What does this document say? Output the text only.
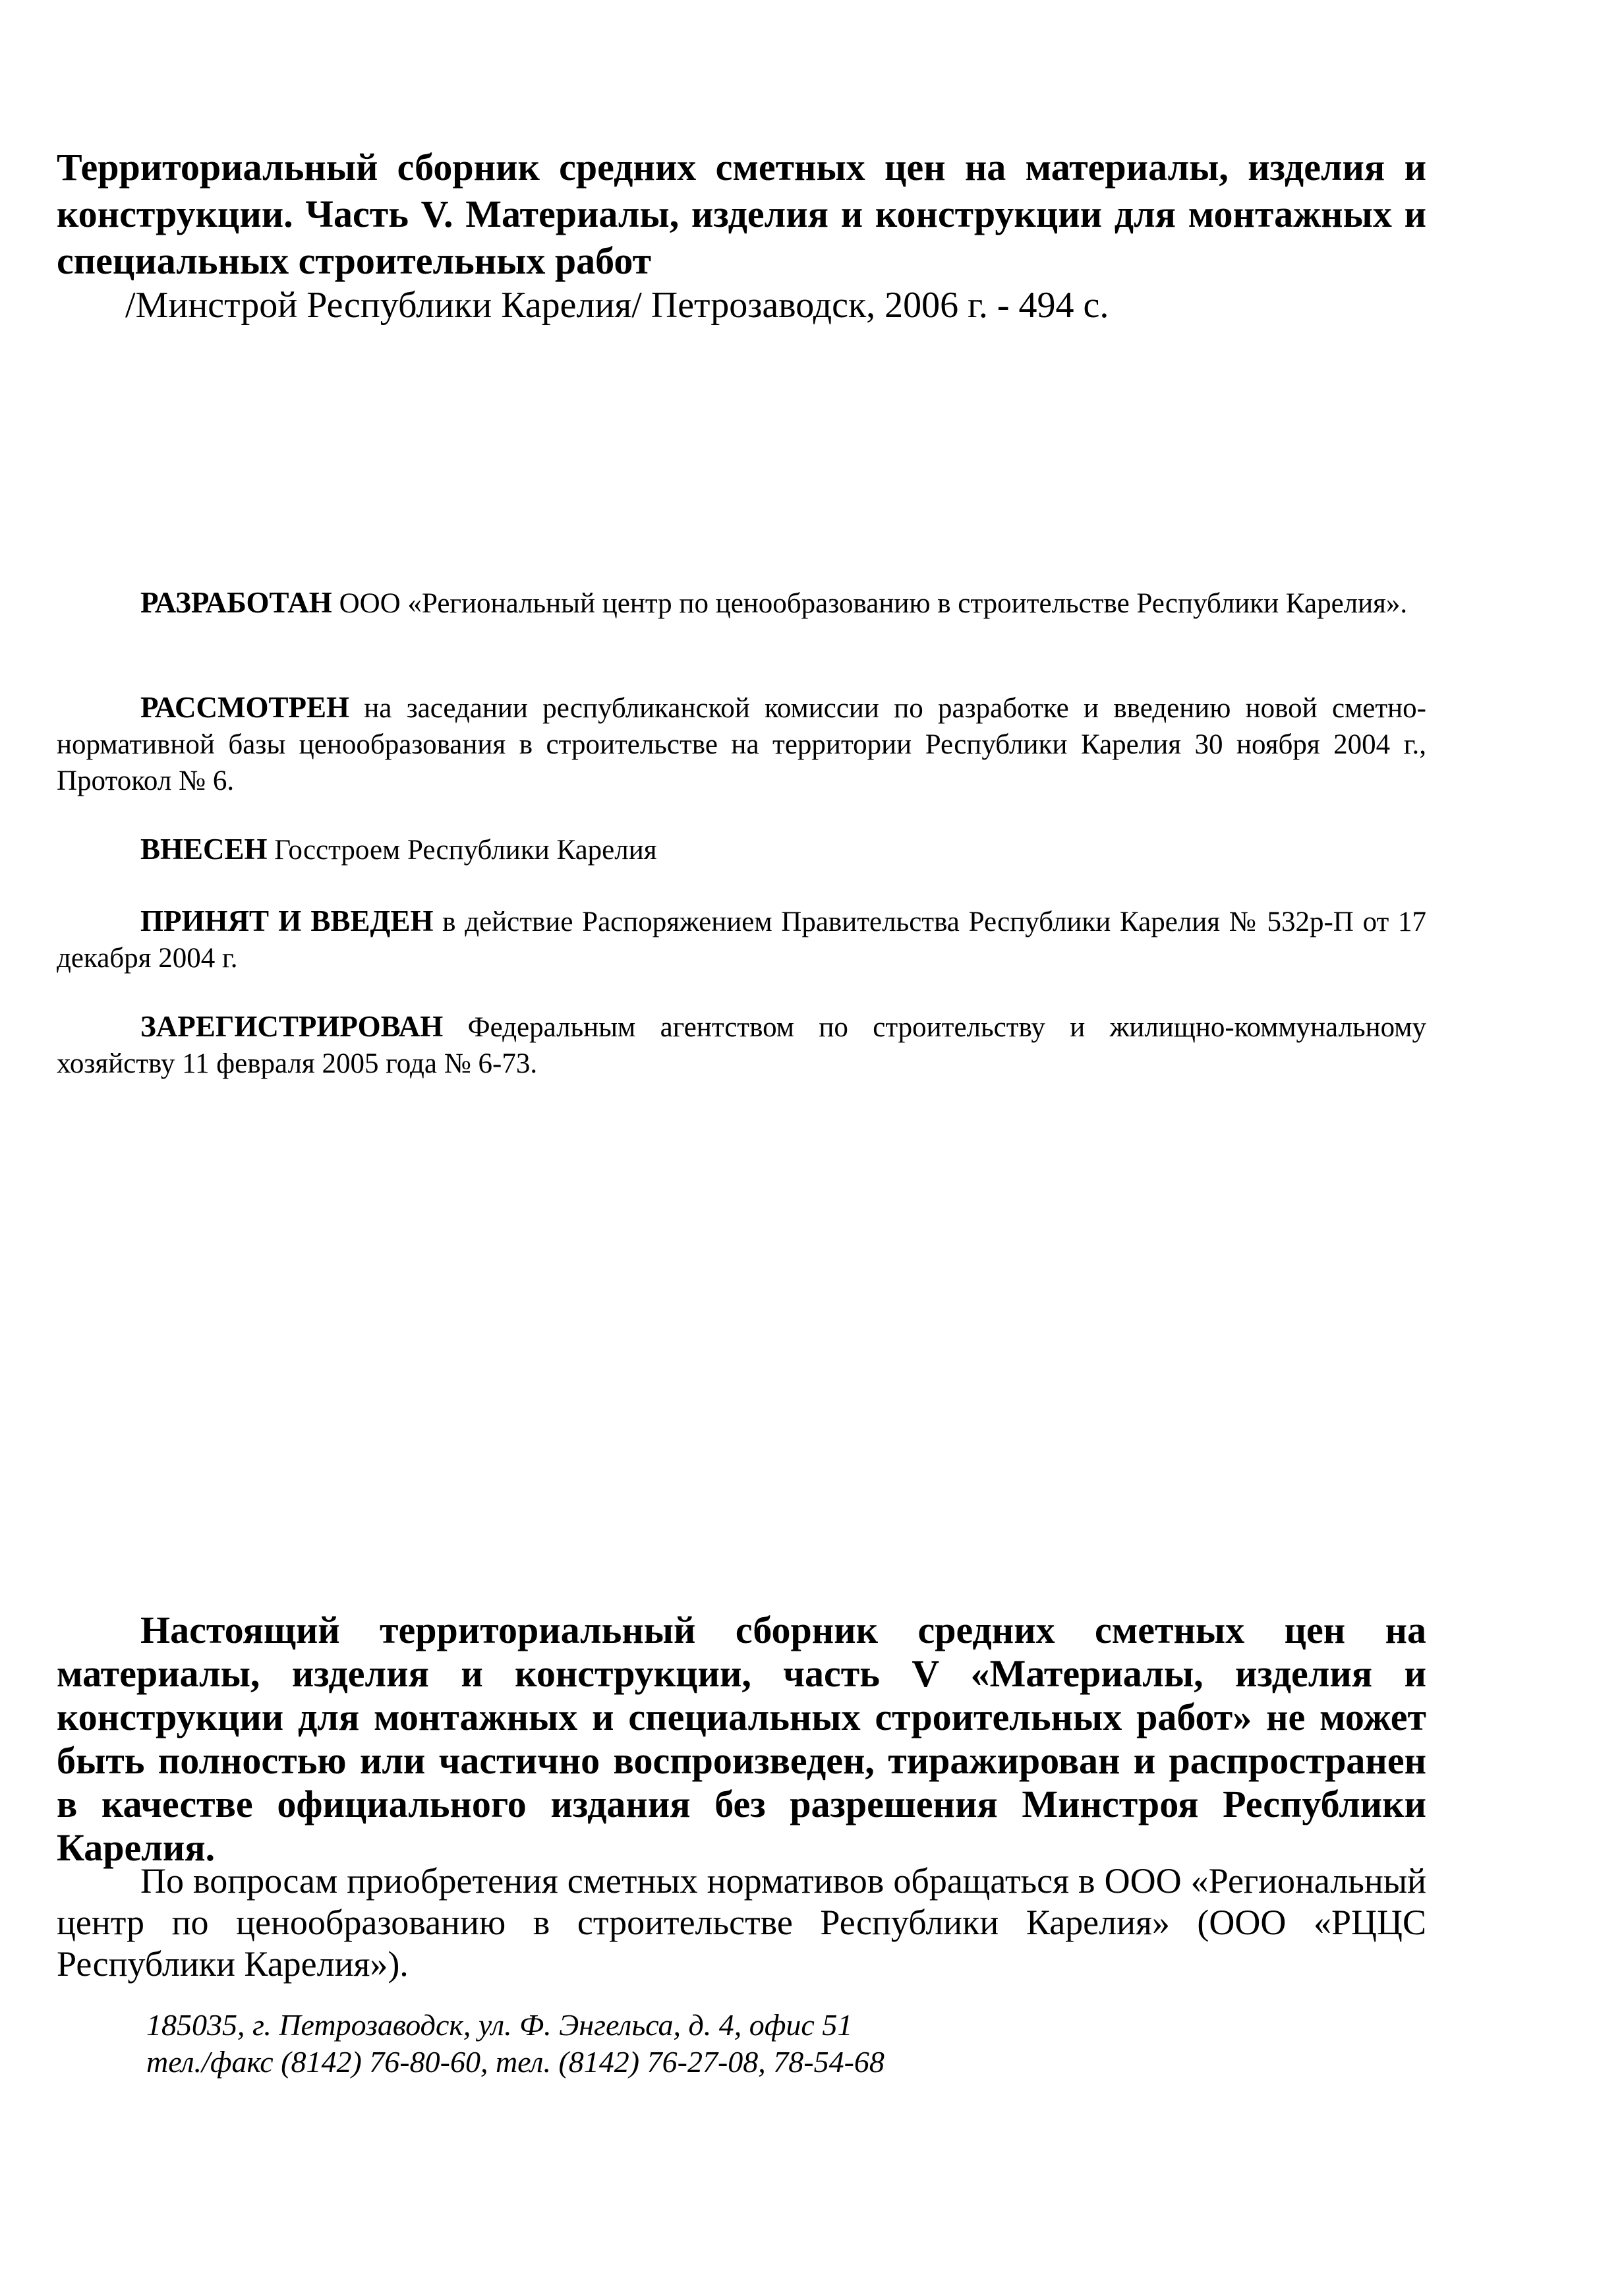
Территориальный сборник средних сметных цен на материалы, изделия и конструкции. Часть V. Материалы, изделия и конструкции для монтажных и специальных строительных работ
/Минстрой Республики Карелия/ Петрозаводск, 2006 г. - 494 с.
РАЗРАБОТАН ООО «Региональный центр по ценообразованию в строительстве Республики Карелия».
РАССМОТРЕН на заседании республиканской комиссии по разработке и введению новой сметно-нормативной базы ценообразования в строительстве на территории Республики Карелия 30 ноября 2004 г., Протокол № 6.
ВНЕСЕН Госстроем Республики Карелия
ПРИНЯТ И ВВЕДЕН в действие Распоряжением Правительства Республики Карелия № 532р-П от 17 декабря 2004 г.
ЗАРЕГИСТРИРОВАН Федеральным агентством по строительству и жилищно-коммунальному хозяйству 11 февраля 2005 года № 6-73.
Настоящий территориальный сборник средних сметных цен на материалы, изделия и конструкции, часть V «Материалы, изделия и конструкции для монтажных и специальных строительных работ» не может быть полностью или частично воспроизведен, тиражирован и распространен в качестве официального издания без разрешения Минстроя Республики Карелия.
По вопросам приобретения сметных нормативов обращаться в ООО «Региональный центр по ценообразованию в строительстве Республики Карелия» (ООО «РЦЦС Республики Карелия»).
185035, г. Петрозаводск, ул. Ф. Энгельса, д. 4, офис 51
тел./факс (8142) 76-80-60, тел. (8142) 76-27-08, 78-54-68
